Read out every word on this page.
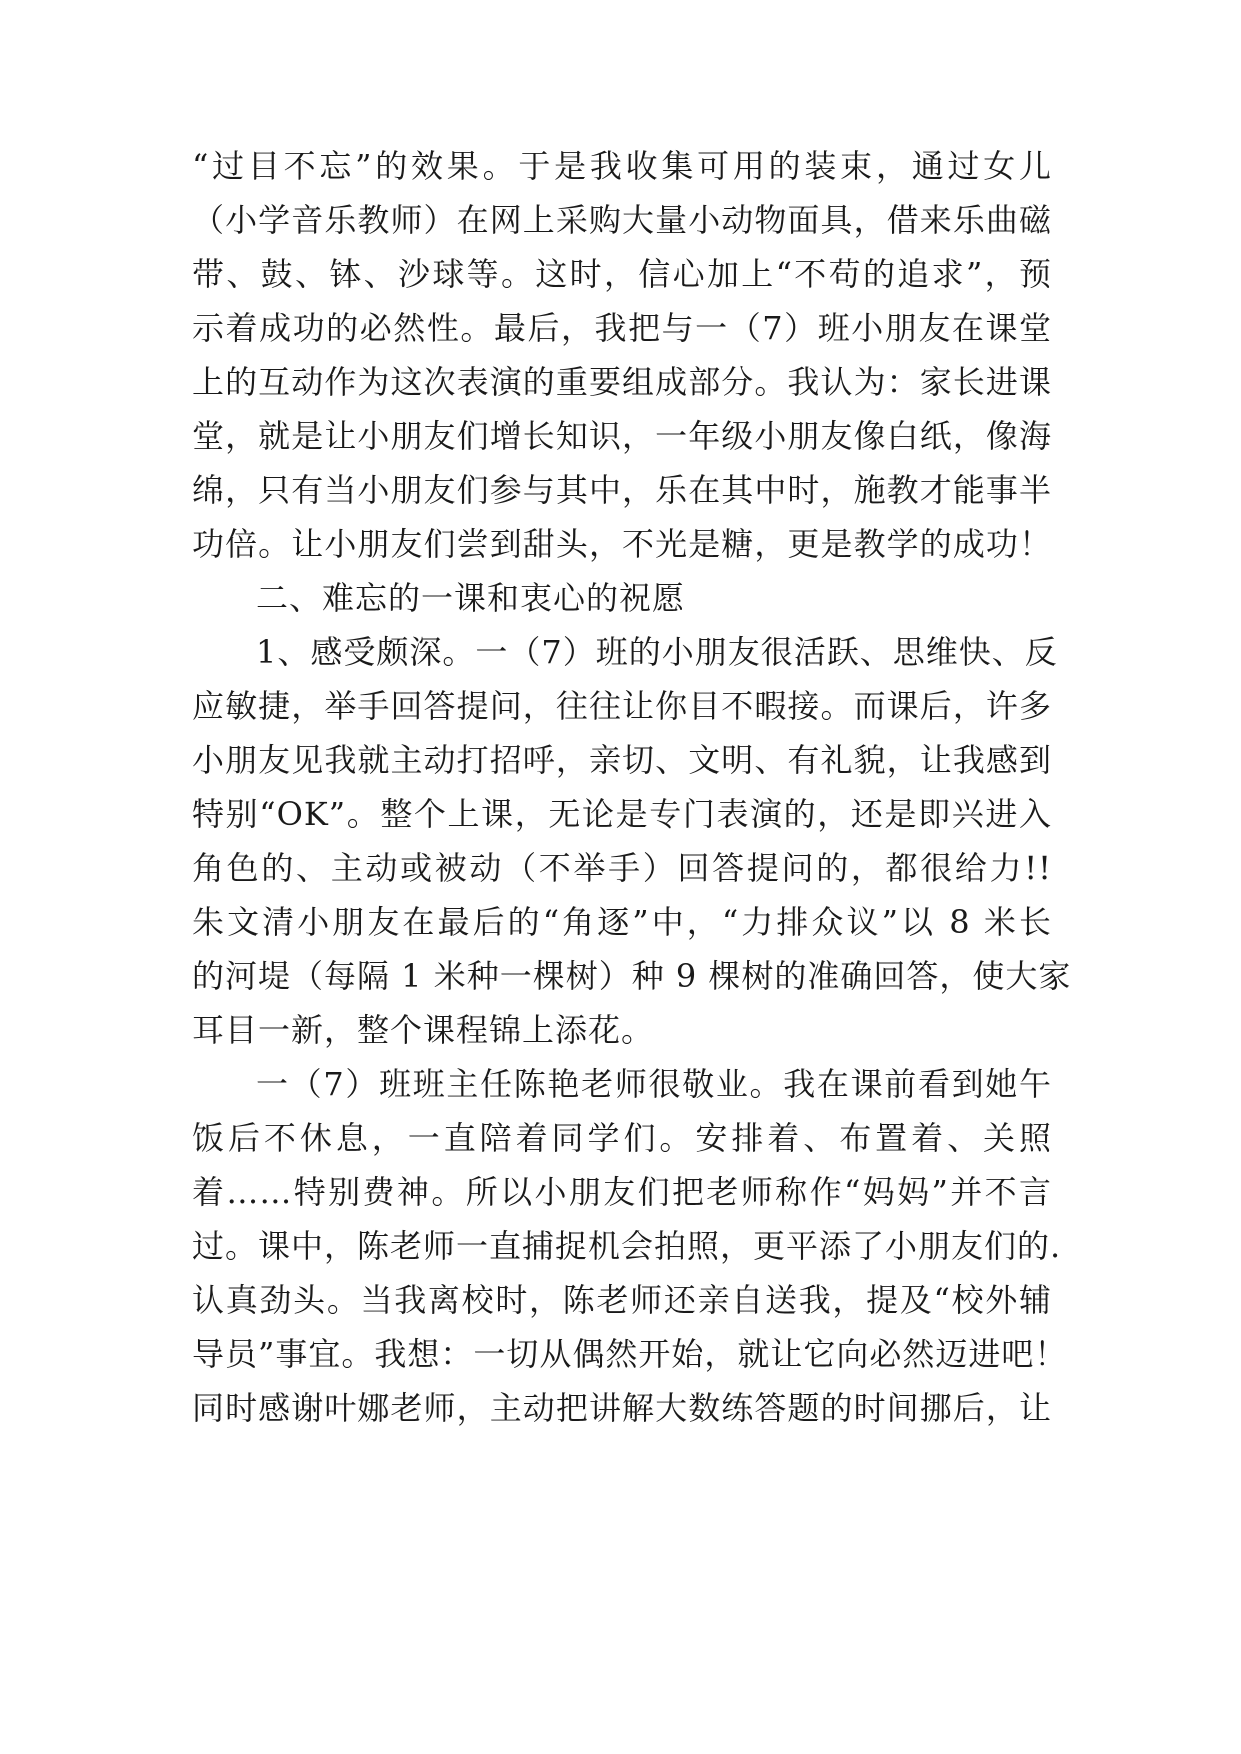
“过目不忘”的效果。于是我收集可用的装束，通过女儿
（小学音乐教师）在网上采购大量小动物面具，借来乐曲磁
带、鼓、钵、沙球等。这时，信心加上“不苟的追求”，预
示着成功的必然性。最后，我把与一（7）班小朋友在课堂
上的互动作为这次表演的重要组成部分。我认为：家长进课
堂，就是让小朋友们增长知识，一年级小朋友像白纸，像海
绵，只有当小朋友们参与其中，乐在其中时，施教才能事半
功倍。让小朋友们尝到甜头，不光是糖，更是教学的成功！
二、难忘的一课和衷心的祝愿
1、感受颇深。一（7）班的小朋友很活跃、思维快、反
应敏捷，举手回答提问，往往让你目不暇接。而课后，许多
小朋友见我就主动打招呼，亲切、文明、有礼貌，让我感到
特别“OK”。整个上课，无论是专门表演的，还是即兴进入
角色的、主动或被动（不举手）回答提问的，都很给力!!
朱文清小朋友在最后的“角逐”中，“力排众议”以 8 米长
的河堤（每隔 1 米种一棵树）种 9 棵树的准确回答，使大家
耳目一新，整个课程锦上添花。
一（7）班班主任陈艳老师很敬业。我在课前看到她午
饭后不休息，一直陪着同学们。安排着、布置着、关照
着……特别费神。所以小朋友们把老师称作“妈妈”并不言
过。课中，陈老师一直捕捉机会拍照，更平添了小朋友们的.
认真劲头。当我离校时，陈老师还亲自送我，提及“校外辅
导员”事宜。我想：一切从偶然开始，就让它向必然迈进吧！
同时感谢叶娜老师，主动把讲解大数练答题的时间挪后，让
